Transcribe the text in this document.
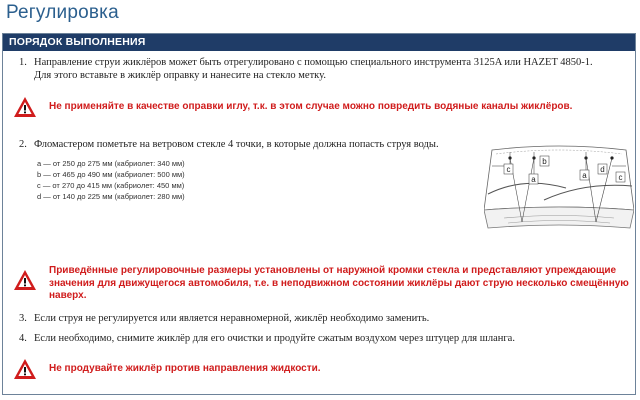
Регулировка
ПОРЯДОК ВЫПОЛНЕНИЯ
1. Направление струи жиклёров может быть отрегулировано с помощью специального инструмента 3125A или HAZET 4850-1.
Для этого вставьте в жиклёр оправку и нанесите на стекло метку.
Не применяйте в качестве оправки иглу, т.к. в этом случае можно повредить водяные каналы жиклёров.
2. Фломастером пометьте на ветровом стекле 4 точки, в которые должна попасть струя воды.
a — от 250 до 275 мм (кабриолет: 340 мм)
b — от 465 до 490 мм (кабриолет: 500 мм)
c — от 270 до 415 мм (кабриолет: 450 мм)
d — от 140 до 225 мм (кабриолет: 280 мм)
Приведённые регулировочные размеры установлены от наружной кромки стекла и представляют упреждающие
значения для движущегося автомобиля, т.е. в неподвижном состоянии жиклёры дают струю несколько смещённую
наверх.
3. Если струя не регулируется или является неравномерной, жиклёр необходимо заменить.
4. Если необходимо, снимите жиклёр для его очистки и продуйте сжатым воздухом через штуцер для шланга.
Не продувайте жиклёр против направления жидкости.
c
a
b
a
d
c
